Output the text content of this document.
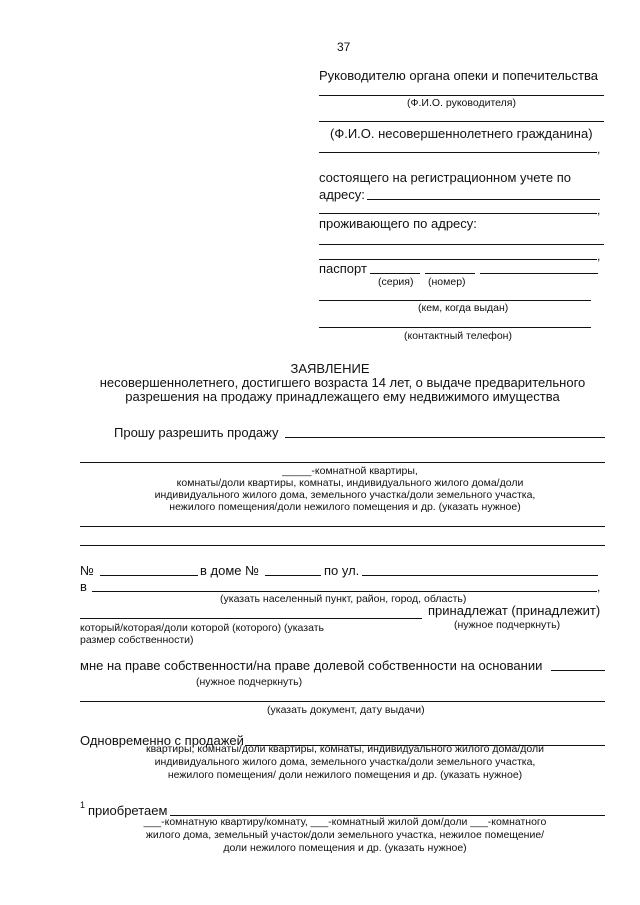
37
Руководителю органа опеки и попечительства
(Ф.И.О. руководителя)
(Ф.И.О. несовершеннолетнего гражданина)
,
состоящего на регистрационном учете по
адресу:
,
проживающего по адресу:
,
паспорт
(серия) (номер)
(кем, когда выдан)
(контактный телефон)
ЗАЯВЛЕНИЕ
несовершеннолетнего, достигшего возраста 14 лет, о выдаче предварительного
разрешения на продажу принадлежащего ему недвижимого имущества
Прошу разрешить продажу
_____-комнатной квартиры,
комнаты/доли квартиры, комнаты, индивидуального жилого дома/доли
индивидуального жилого дома, земельного участка/доли земельного участка,
нежилого помещения/доли нежилого помещения и др. (указать нужное)
№	в доме №	по ул.
в	,
(указать населенный пункт, район, город, область)
принадлежат (принадлежит)
(нужное подчеркнуть)
который/которая/доли которой (которого) (указать
размер собственности)
мне на праве собственности/на праве долевой собственности на основании
(нужное подчеркнуть)
(указать документ, дату выдачи)
Одновременно с продажей
квартиры, комнаты/доли квартиры, комнаты, индивидуального жилого дома/доли
индивидуального жилого дома, земельного участка/доли земельного участка,
нежилого помещения/ доли нежилого помещения и др. (указать нужное)
1 приобретаем
___-комнатную квартиру/комнату, ___-комнатный жилой дом/доли ___-комнатного
жилого дома, земельный участок/доли земельного участка, нежилое помещение/
доли нежилого помещения и др. (указать нужное)
